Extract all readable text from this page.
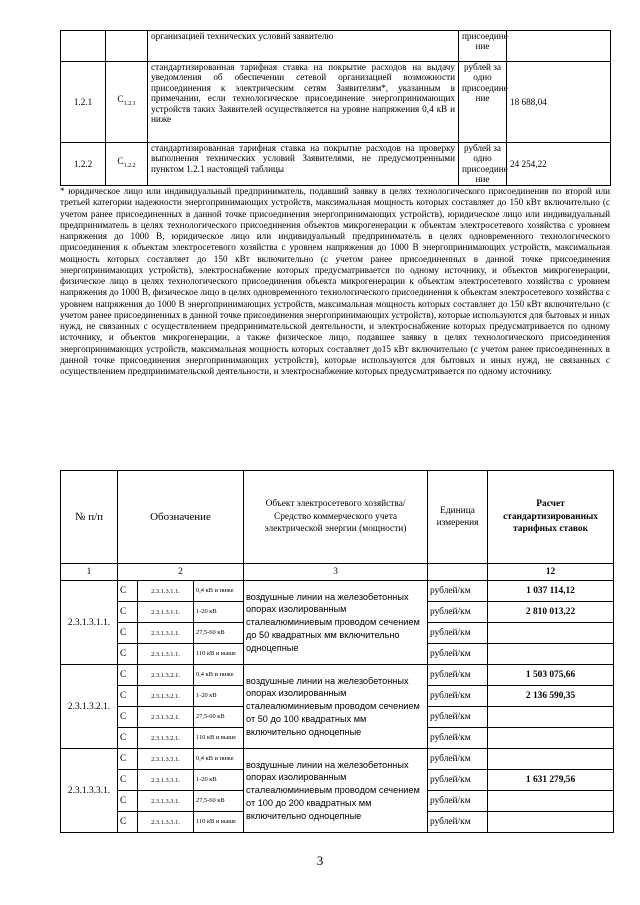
		организацией технических условий заявителю	присоедине ние	
1.2.1	$C_{1.2.1}$	стандартизированная тарифная ставка на покрытие расходов на выдачу уведомления об обеспечении сетевой организацией возможности присоединения к электрическим сетям Заявителям*, указанным в примечании, если технологическое присоединение энергопринимающих устройств таких Заявителей осуществляется на уровне напряжения 0,4 кВ и ниже	рублей за одно присоедине ние	18 688,04
1.2.2	$C_{1.2.2}$	стандартизированная тарифная ставка на покрытие расходов на проверку выполнения технических условий Заявителями, не предусмотренными пунктом 1.2.1 настоящей таблицы	рублей за одно присоедине ние	24 254,22

* юридическое лицо или индивидуальный предприниматель, подавший заявку в целях технологического присоединения по второй или третьей категории надежности энергопринимающих устройств, максимальная мощность которых составляет до 150 кВт включительно (с учетом ранее присоединенных в данной точке присоединения энергопринимающих устройств), юридическое лицо или индивидуальный предприниматель в целях технологического присоединения объектов микрогенерации к объектам электросетевого хозяйства с уровнем напряжения до 1000 В, юридическое лицо или индивидуальный предприниматель в целях одновременного технологического присоединения к объектам электросетевого хозяйства с уровнем напряжения до 1000 В энергопринимающих устройств, максимальная мощность которых составляет до 150 кВт включительно (с учетом ранее присоединенных в данной точке присоединения энергопринимающих устройств), электроснабжение которых предусматривается по одному источнику, и объектов микрогенерации, физическое лицо в целях технологического присоединения объекта микрогенерации к объектам электросетевого хозяйства с уровнем напряжения до 1000 В, физическое лицо в целях одновременного технологического присоединения к объектам электросетевого хозяйства с уровнем напряжения до 1000 В энергопринимающих устройств, максимальная мощность которых составляет до 150 кВт включительно (с учетом ранее присоединенных в данной точке присоединения энергопринимающих устройств), которые используются для бытовых и иных нужд, не связанных с осуществлением предпринимательской деятельности, и электроснабжение которых предусматривается по одному источнику, и объектов микрогенерации, а также физическое лицо, подавшее заявку в целях технологического присоединения энергопринимающих устройств, максимальная мощность которых составляет до15 кВт включительно (с учетом ранее присоединенных в данной точке присоединения энергопринимающих устройств), которые используются для бытовых и иных нужд, не связанных с осуществлением предпринимательской деятельности, и электроснабжение которых предусматривается по одному источнику.

№ п/п	Обозначение			Объект электросетевого хозяйства/ Средство коммерческого учета электрической энергии (мощности)	Единица измерения	Расчет стандартизированных тарифных ставок
1	2			3		12
2.3.1.3.1.1.	C	2.3.1.3.1.1.	0,4 кВ и ниже	воздушные линии на железобетонных опорах изолированным сталеалюминиевым проводом сечением до 50 квадратных мм включительно одноцепные	рублей/км	1 037 114,12
	C	2.3.1.3.1.1.	1-20 кВ		рублей/км	2 810 013,22
	C	2.3.1.3.1.1.	27,5-60 кВ		рублей/км	
	C	2.3.1.3.1.1.	110 кВ и выше		рублей/км	
2.3.1.3.2.1.	C	2.3.1.3.2.1.	0,4 кВ и ниже	воздушные линии на железобетонных опорах изолированным сталеалюминиевым проводом сечением от 50 до 100 квадратных мм включительно одноцепные	рублей/км	1 503 075,66
	C	2.3.1.3.2.1.	1-20 кВ		рублей/км	2 136 590,35
	C	2.3.1.3.2.1.	27,5-60 кВ		рублей/км	
	C	2.3.1.3.2.1.	110 кВ и выше		рублей/км	
2.3.1.3.3.1.	C	2.3.1.3.3.1.	0,4 кВ и ниже	воздушные линии на железобетонных опорах изолированным сталеалюминиевым проводом сечением от 100 до 200 квадратных мм включительно одноцепные	рублей/км	
	C	2.3.1.3.3.1.	1-20 кВ		рублей/км	1 631 279,56
	C	2.3.1.3.3.1.	27,5-60 кВ		рублей/км	
	C	2.3.1.3.3.1.	110 кВ и выше		рублей/км	
3
